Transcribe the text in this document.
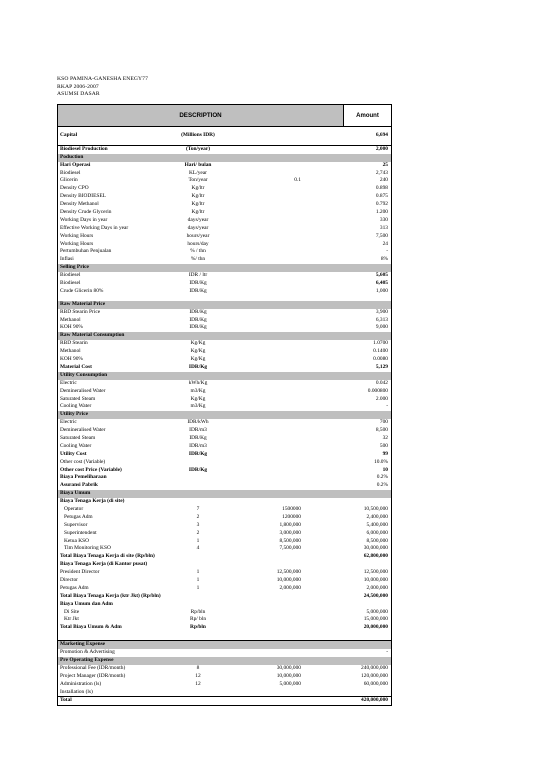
KSO PAMINA-GANESHA ENEGY77
RKAP 2006-2007
ASUMSI DASAR
DESCRIPTION	Amount
Capital	(Millions IDR)	6,694
Biodiesel Production	(Ton/year)	2,000
Poduction
Hari Operasi	Hari/ bulan	25
Biodiesel	KL/year	2,743
Glicerin	Ton/year	0.1	240
Density CPO	Kg/ltr	0.898
Density BIODIESEL	Kg/ltr	0.875
Density Methanol	Kg/ltr	0.792
Density Crude Glycerin	Kg/ltr	1.200
Working Days in year	days/year	330
Effective Working Days in year	days/year	313
Working Hours	hours/year	7,500
Working Hours	hours/day	24
Pertumbuhan Penjualan	% / thn	-
Inflasi	%/ thn	8%
Selling Price
Biodiesel	IDR / ltr	5,605
Biodiesel	IDR/Kg	6,405
Crude Glicerin 80%	IDR/Kg	1,000
Raw Material Price
RBD Stearin Price	IDR/Kg	3,900
Methanol	IDR/Kg	6,313
KOH 90%	IDR/Kg	9,000
Raw Material Consumption
RBD Stearin	Kg/Kg	1.0700
Methanol	Kg/Kg	0.1400
KOH 90%	Kg/Kg	0.0080
Material Cost	IDR/Kg	5,129
Utility Consumption
Electric	kWh/Kg	0.042
Demineralised Water	m3/Kg	0.000800
Saturated Steam	Kg/Kg	2.000
Cooling Water	m3/Kg	-
Utility Price
Electric	IDR/kWh	700
Demineralised Water	IDR/m3	8,500
Saturated Steam	IDR/Kg	32
Cooling Water	IDR/m3	500
Utility Cost	IDR/Kg	99
Other cost (Variable)	10.0%
Other cost Price (Variable)	IDR/Kg	10
Biaya Pemeliharaan	0.2%
Asuransi Pabrik	0.2%
Biaya Umum
Biaya Tenaga Kerja (di site)
Operator	7	1500000	10,500,000
Petugas Adm	2	1200000	2,400,000
Supervisor	3	1,800,000	5,400,000
Superintendent	2	3,000,000	6,000,000
Ketua KSO	1	8,500,000	8,500,000
Tim Monitoring KSO	4	7,500,000	30,000,000
Total Biaya Tenaga Kerja di site (Rp/bln)	62,800,000
Biaya Tenaga Kerja (di Kantor pusat)
President Director	1	12,500,000	12,500,000
Director	1	10,000,000	10,000,000
Petugas Adm	1	2,000,000	2,000,000
Total Biaya Tenaga Kerja (ktr Jkt) (Rp/bln)	24,500,000
Biaya Umum dan Adm
Di Site	Rp/bln	5,000,000
Ktr Jkt	Rp/ bln	15,000,000
Total Biaya Umum & Adm	Rp/bln	20,000,000
Marketing Expense
Promotion & Advertising	-
Pre Operating Expense
Professional Fee (IDR/month)	8	30,000,000	240,000,000
Project Manager (IDR/month)	12	10,000,000	120,000,000
Administration (ls)	12	5,000,000	60,000,000
Installation (ls)
Total	420,000,000
